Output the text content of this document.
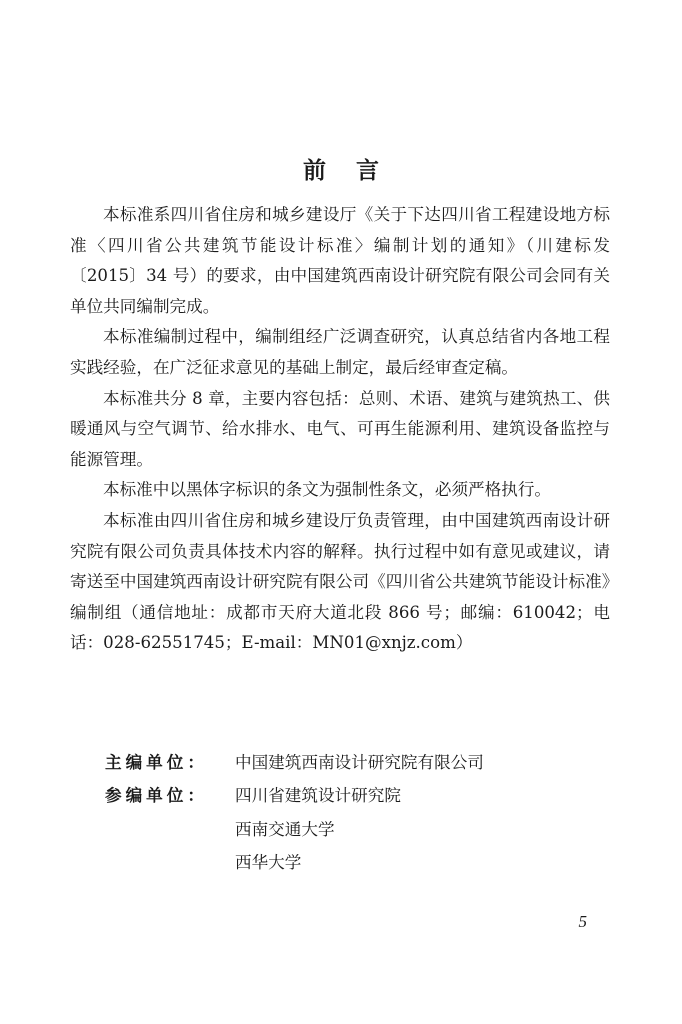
前言

本标准系四川省住房和城乡建设厅《关于下达四川省工程建设地方标准〈四川省公共建筑节能设计标准〉编制计划的通知》（川建标发〔2015〕34 号）的要求，由中国建筑西南设计研究院有限公司会同有关单位共同编制完成。

本标准编制过程中，编制组经广泛调查研究，认真总结省内各地工程实践经验，在广泛征求意见的基础上制定，最后经审查定稿。

本标准共分 8 章，主要内容包括：总则、术语、建筑与建筑热工、供暖通风与空气调节、给水排水、电气、可再生能源利用、建筑设备监控与能源管理。

本标准中以黑体字标识的条文为强制性条文，必须严格执行。

本标准由四川省住房和城乡建设厅负责管理，由中国建筑西南设计研究院有限公司负责具体技术内容的解释。执行过程中如有意见或建议，请寄送至中国建筑西南设计研究院有限公司《四川省公共建筑节能设计标准》编制组（通信地址：成都市天府大道北段 866 号；邮编：610042；电话：028-62551745；E-mail：MN01@xnjz.com）

主编单位：	中国建筑西南设计研究院有限公司
参编单位：	四川省建筑设计研究院
西南交通大学
西华大学
5
